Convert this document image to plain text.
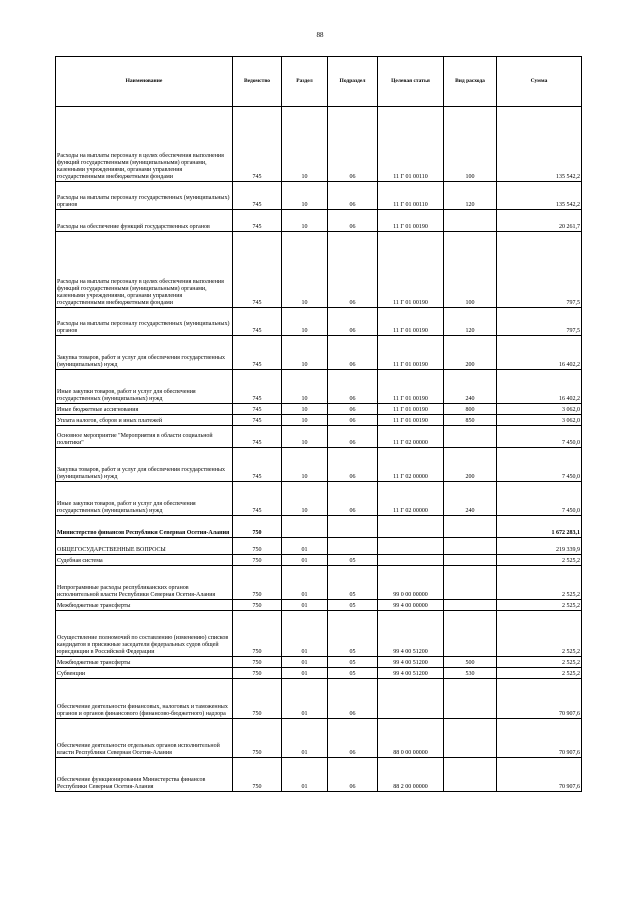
88
Наименование	Ведомство	Раздел	Подраздел	Целевая статья	Вид расхода	Сумма
Расходы на выплаты персоналу в целях обеспечения выполнения функций государственными (муниципальными) органами, казенными учреждениями, органами управления государственными внебюджетными фондами	745	10	06	11 Г 01 00110	100	135 542,2
Расходы на выплаты персоналу государственных (муниципальных) органов	745	10	06	11 Г 01 00110	120	135 542,2
Расходы на обеспечение функций государственных органов	745	10	06	11 Г 01 00190		20 261,7
Расходы на выплаты персоналу в целях обеспечения выполнения функций государственными (муниципальными) органами, казенными учреждениями, органами управления государственными внебюджетными фондами	745	10	06	11 Г 01 00190	100	797,5
Расходы на выплаты персоналу государственных (муниципальных) органов	745	10	06	11 Г 01 00190	120	797,5
Закупка товаров, работ и услуг для обеспечения государственных (муниципальных) нужд	745	10	06	11 Г 01 00190	200	16 402,2
Иные закупки товаров, работ и услуг для обеспечения государственных (муниципальных) нужд	745	10	06	11 Г 01 00190	240	16 402,2
Иные бюджетные ассигнования	745	10	06	11 Г 01 00190	800	3 062,0
Уплата налогов, сборов и иных платежей	745	10	06	11 Г 01 00190	850	3 062,0
Основное мероприятие "Мероприятия в области социальной политики"	745	10	06	11 Г 02 00000		7 450,0
Закупка товаров, работ и услуг для обеспечения государственных (муниципальных) нужд	745	10	06	11 Г 02 00000	200	7 450,0
Иные закупки товаров, работ и услуг для обеспечения государственных (муниципальных) нужд	745	10	06	11 Г 02 00000	240	7 450,0
Министерство финансов Республики Северная Осетия-Алания	750					1 672 283,1
ОБЩЕГОСУДАРСТВЕННЫЕ ВОПРОСЫ	750	01				219 339,9
Судебная система	750	01	05			2 525,2
Непрограммные расходы республиканских органов исполнительной власти Республики Северная Осетия-Алания	750	01	05	99 0 00 00000		2 525,2
Межбюджетные трансферты	750	01	05	99 4 00 00000		2 525,2
Осуществление полномочий по составлению (изменению) списков кандидатов в присяжные заседатели федеральных судов общей юрисдикции в Российской Федерации	750	01	05	99 4 00 51200		2 525,2
Межбюджетные трансферты	750	01	05	99 4 00 51200	500	2 525,2
Субвенции	750	01	05	99 4 00 51200	530	2 525,2
Обеспечение деятельности финансовых, налоговых и таможенных органов и органов финансового (финансово-бюджетного) надзора	750	01	06			70 907,6
Обеспечение деятельности отдельных органов исполнительной власти Республики Северная Осетия-Алания	750	01	06	88 0 00 00000		70 907,6
Обеспечение функционирования Министерства финансов Республики Северная Осетия-Алания	750	01	06	88 2 00 00000		70 907,6
